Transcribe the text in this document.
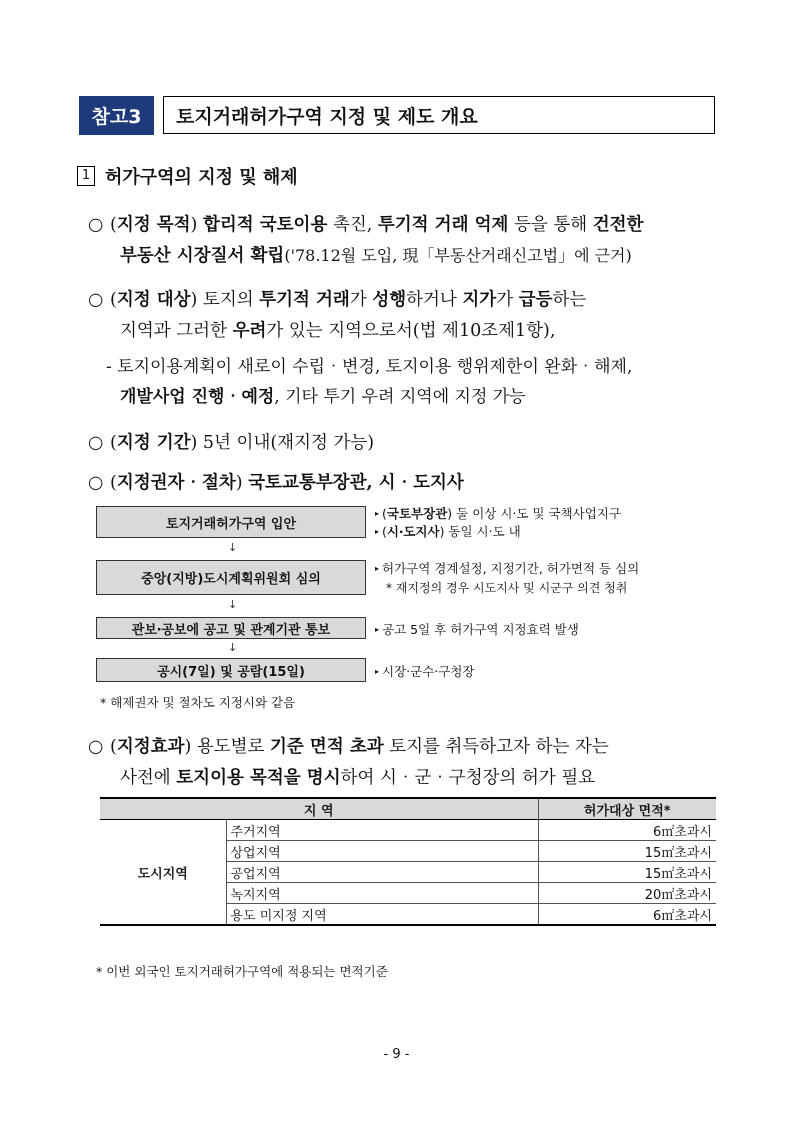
참고3	토지거래허가구역 지정 및 제도 개요
1 허가구역의 지정 및 해제
○ (지정 목적) 합리적 국토이용 촉진, 투기적 거래 억제 등을 통해 건전한
부동산 시장질서 확립('78.12월 도입, 現「부동산거래신고법」에 근거)
○ (지정 대상) 토지의 투기적 거래가 성행하거나 지가가 급등하는
지역과 그러한 우려가 있는 지역으로서(법 제10조제1항),
- 토지이용계획이 새로이 수립‧변경, 토지이용 행위제한이 완화‧해제,
개발사업 진행‧예정, 기타 투기 우려 지역에 지정 가능
○ (지정 기간) 5년 이내(재지정 가능)
○ (지정권자‧절차) 국토교통부장관, 시‧도지사
토지거래허가구역 입안
↓
중앙(지방)도시계획위원회 심의
↓
관보‧공보에 공고 및 관계기관 통보
↓
공시(7일) 및 공람(15일)
▸ (국토부장관) 둘 이상 시‧도 및 국책사업지구
▸ (시‧도지사) 동일 시‧도 내
▸ 허가구역 경계설정, 지정기간, 허가면적 등 심의
* 재지정의 경우 시도지사 및 시군구 의견 청취
▸ 공고 5일 후 허가구역 지정효력 발생
▸ 시장‧군수‧구청장
* 해제권자 및 절차도 지정시와 같음
○ (지정효과) 용도별로 기준 면적 초과 토지를 취득하고자 하는 자는
사전에 토지이용 목적을 명시하여 시‧군‧구청장의 허가 필요
지 역		허가대상 면적*
도시지역	주거지역	6㎡초과시
	상업지역	15㎡초과시
	공업지역	15㎡초과시
	녹지지역	20㎡초과시
	용도 미지정 지역	6㎡초과시
* 이번 외국인 토지거래허가구역에 적용되는 면적기준
- 9 -
